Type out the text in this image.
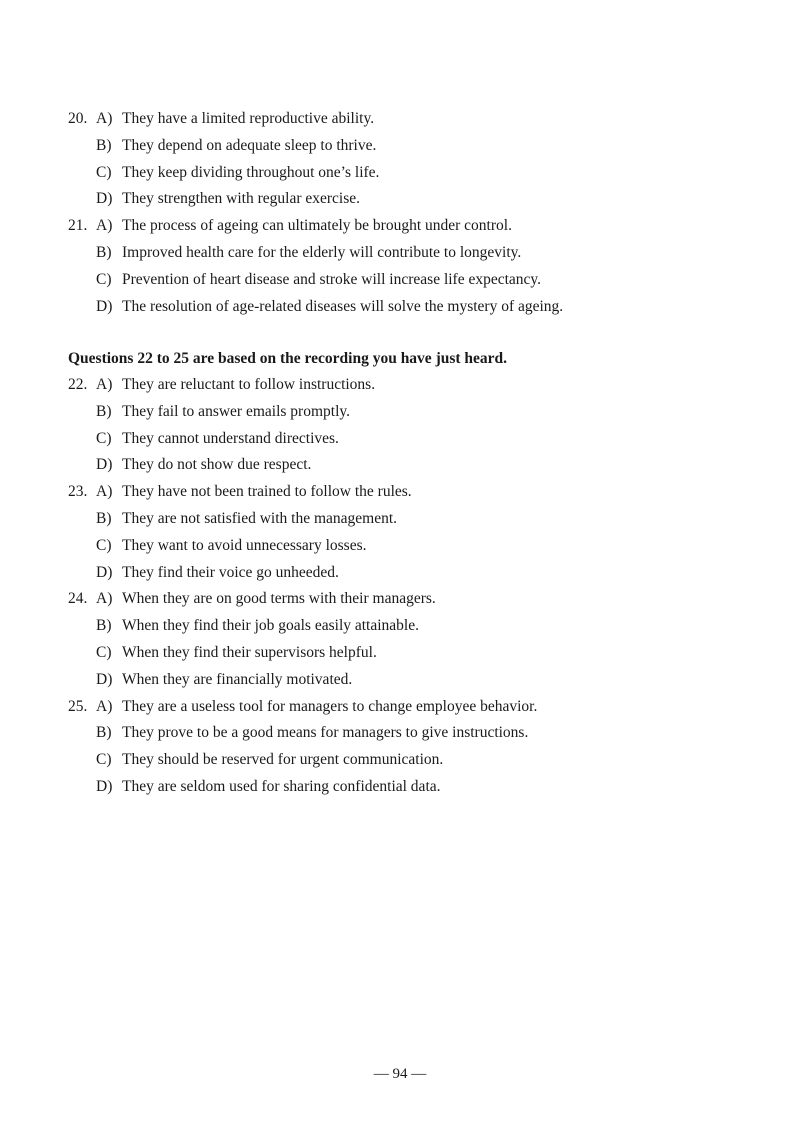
20. A) They have a limited reproductive ability.
B) They depend on adequate sleep to thrive.
C) They keep dividing throughout one’s life.
D) They strengthen with regular exercise.
21. A) The process of ageing can ultimately be brought under control.
B) Improved health care for the elderly will contribute to longevity.
C) Prevention of heart disease and stroke will increase life expectancy.
D) The resolution of age-related diseases will solve the mystery of ageing.
Questions 22 to 25 are based on the recording you have just heard.
22. A) They are reluctant to follow instructions.
B) They fail to answer emails promptly.
C) They cannot understand directives.
D) They do not show due respect.
23. A) They have not been trained to follow the rules.
B) They are not satisfied with the management.
C) They want to avoid unnecessary losses.
D) They find their voice go unheeded.
24. A) When they are on good terms with their managers.
B) When they find their job goals easily attainable.
C) When they find their supervisors helpful.
D) When they are financially motivated.
25. A) They are a useless tool for managers to change employee behavior.
B) They prove to be a good means for managers to give instructions.
C) They should be reserved for urgent communication.
D) They are seldom used for sharing confidential data.
— 94 —
